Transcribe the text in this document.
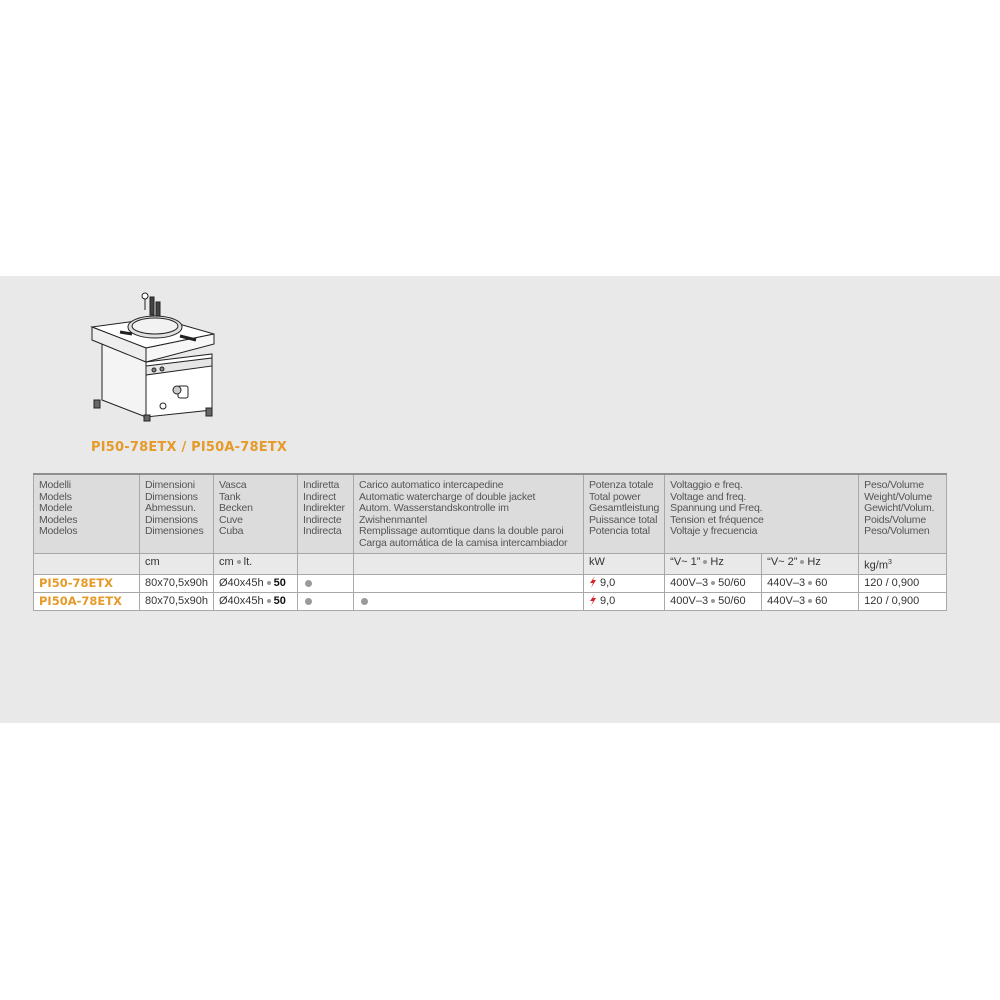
PI50-78ETX / PI50A-78ETX
Modelli
Models
Modele
Modeles
Modelos

Dimensioni
Dimensions
Abmessun.
Dimensions
Dimensiones

Vasca
Tank
Becken
Cuve
Cuba

Indiretta
Indirect
Indirekter
Indirecte
Indirecta

Carico automatico intercapedine
Automatic watercharge of double jacket
Autom. Wasserstandskontrolle im Zwishenmantel
Remplissage automtique dans la double paroi
Carga automática de la camisa intercambiador

Potenza totale
Total power
Gesamtleistung
Puissance total
Potencia total

Voltaggio e freq.
Voltage and freq.
Spannung und Freq.
Tension et fréquence
Voltaje y frecuencia

Peso/Volume
Weight/Volume
Gewicht/Volum.
Poids/Volume
Peso/Volumen

	cm	cm lt.			kW	“V~ 1” Hz	“V~ 2” Hz	$kg/m^3$
PI50-78ETX	80x70,5x90h	Ø40x45h 50			9,0	400V–3 50/60	440V–3 60	120 / 0,900
PI50A-78ETX	80x70,5x90h	Ø40x45h 50			9,0	400V–3 50/60	440V–3 60	120 / 0,900
